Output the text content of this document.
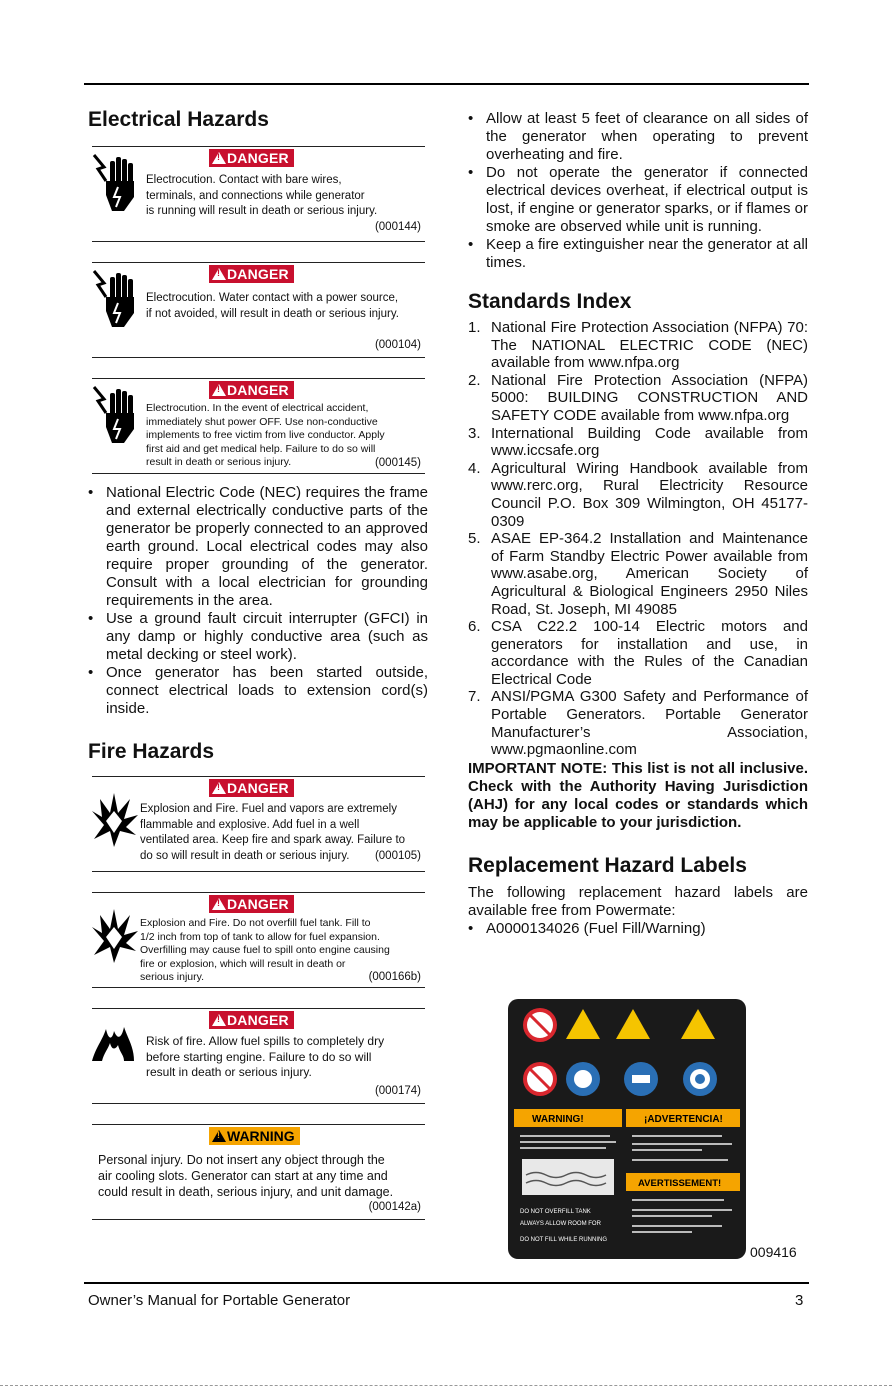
Electrical Hazards
!DANGER
Electrocution. Contact with bare wires,
terminals, and connections while generator
is running will result in death or serious injury.
(000144)
!DANGER
Electrocution. Water contact with a power source,
if not avoided, will result in death or serious injury.
(000104)
!DANGER
Electrocution. In the event of electrical accident,
immediately shut power OFF. Use non-conductive
implements to free victim from live conductor. Apply
first aid and get medical help. Failure to do so will
result in death or serious injury.	(000145)
• National Electric Code (NEC) requires the frame and external electrically conductive parts of the generator be properly connected to an approved earth ground. Local electrical codes may also require proper grounding of the generator. Consult with a local electrician for grounding requirements in the area.
• Use a ground fault circuit interrupter (GFCI) in any damp or highly conductive area (such as metal decking or steel work).
• Once generator has been started outside, connect electrical loads to extension cord(s) inside.
Fire Hazards
!DANGER
Explosion and Fire. Fuel and vapors are extremely
flammable and explosive. Add fuel in a well
ventilated area. Keep fire and spark away. Failure to
do so will result in death or serious injury.	(000105)
!DANGER
Explosion and Fire. Do not overfill fuel tank. Fill to
1/2 inch from top of tank to allow for fuel expansion.
Overfilling may cause fuel to spill onto engine causing
fire or explosion, which will result in death or
serious injury.	(000166b)
!DANGER
Risk of fire. Allow fuel spills to completely dry
before starting engine. Failure to do so will
result in death or serious injury.
(000174)
!WARNING
Personal injury. Do not insert any object through the
air cooling slots. Generator can start at any time and
could result in death, serious injury, and unit damage.
(000142a)
• Allow at least 5 feet of clearance on all sides of the generator when operating to prevent overheating and fire.
• Do not operate the generator if connected electrical devices overheat, if electrical output is lost, if engine or generator sparks, or if flames or smoke are observed while unit is running.
• Keep a fire extinguisher near the generator at all times.
Standards Index
1. National Fire Protection Association (NFPA) 70: The NATIONAL ELECTRIC CODE (NEC) available from www.nfpa.org
2. National Fire Protection Association (NFPA) 5000: BUILDING CONSTRUCTION AND SAFETY CODE available from www.nfpa.org
3. International Building Code available from www.iccsafe.org
4. Agricultural Wiring Handbook available from www.rerc.org, Rural Electricity Resource Council P.O. Box 309 Wilmington, OH 45177-0309
5. ASAE EP-364.2 Installation and Maintenance of Farm Standby Electric Power available from www.asabe.org, American Society of Agricultural & Biological Engineers 2950 Niles Road, St. Joseph, MI 49085
6. CSA C22.2 100-14 Electric motors and generators for installation and use, in accordance with the Rules of the Canadian Electrical Code
7. ANSI/PGMA G300 Safety and Performance of Portable Generators. Portable Generator Manufacturer’s Association, www.pgmaonline.com
IMPORTANT NOTE: This list is not all inclusive. Check with the Authority Having Jurisdiction (AHJ) for any local codes or standards which may be applicable to your jurisdiction.
Replacement Hazard Labels

The following replacement hazard labels are available free from Powermate:

• A0000134026 (Fuel Fill/Warning)
WARNING!	¡ADVERTENCIA!
AVERTISSEMENT!
DO NOT OVERFILL TANK
ALWAYS ALLOW ROOM FOR
DO NOT FILL WHILE RUNNING
009416
Owner’s Manual for Portable Generator	3
